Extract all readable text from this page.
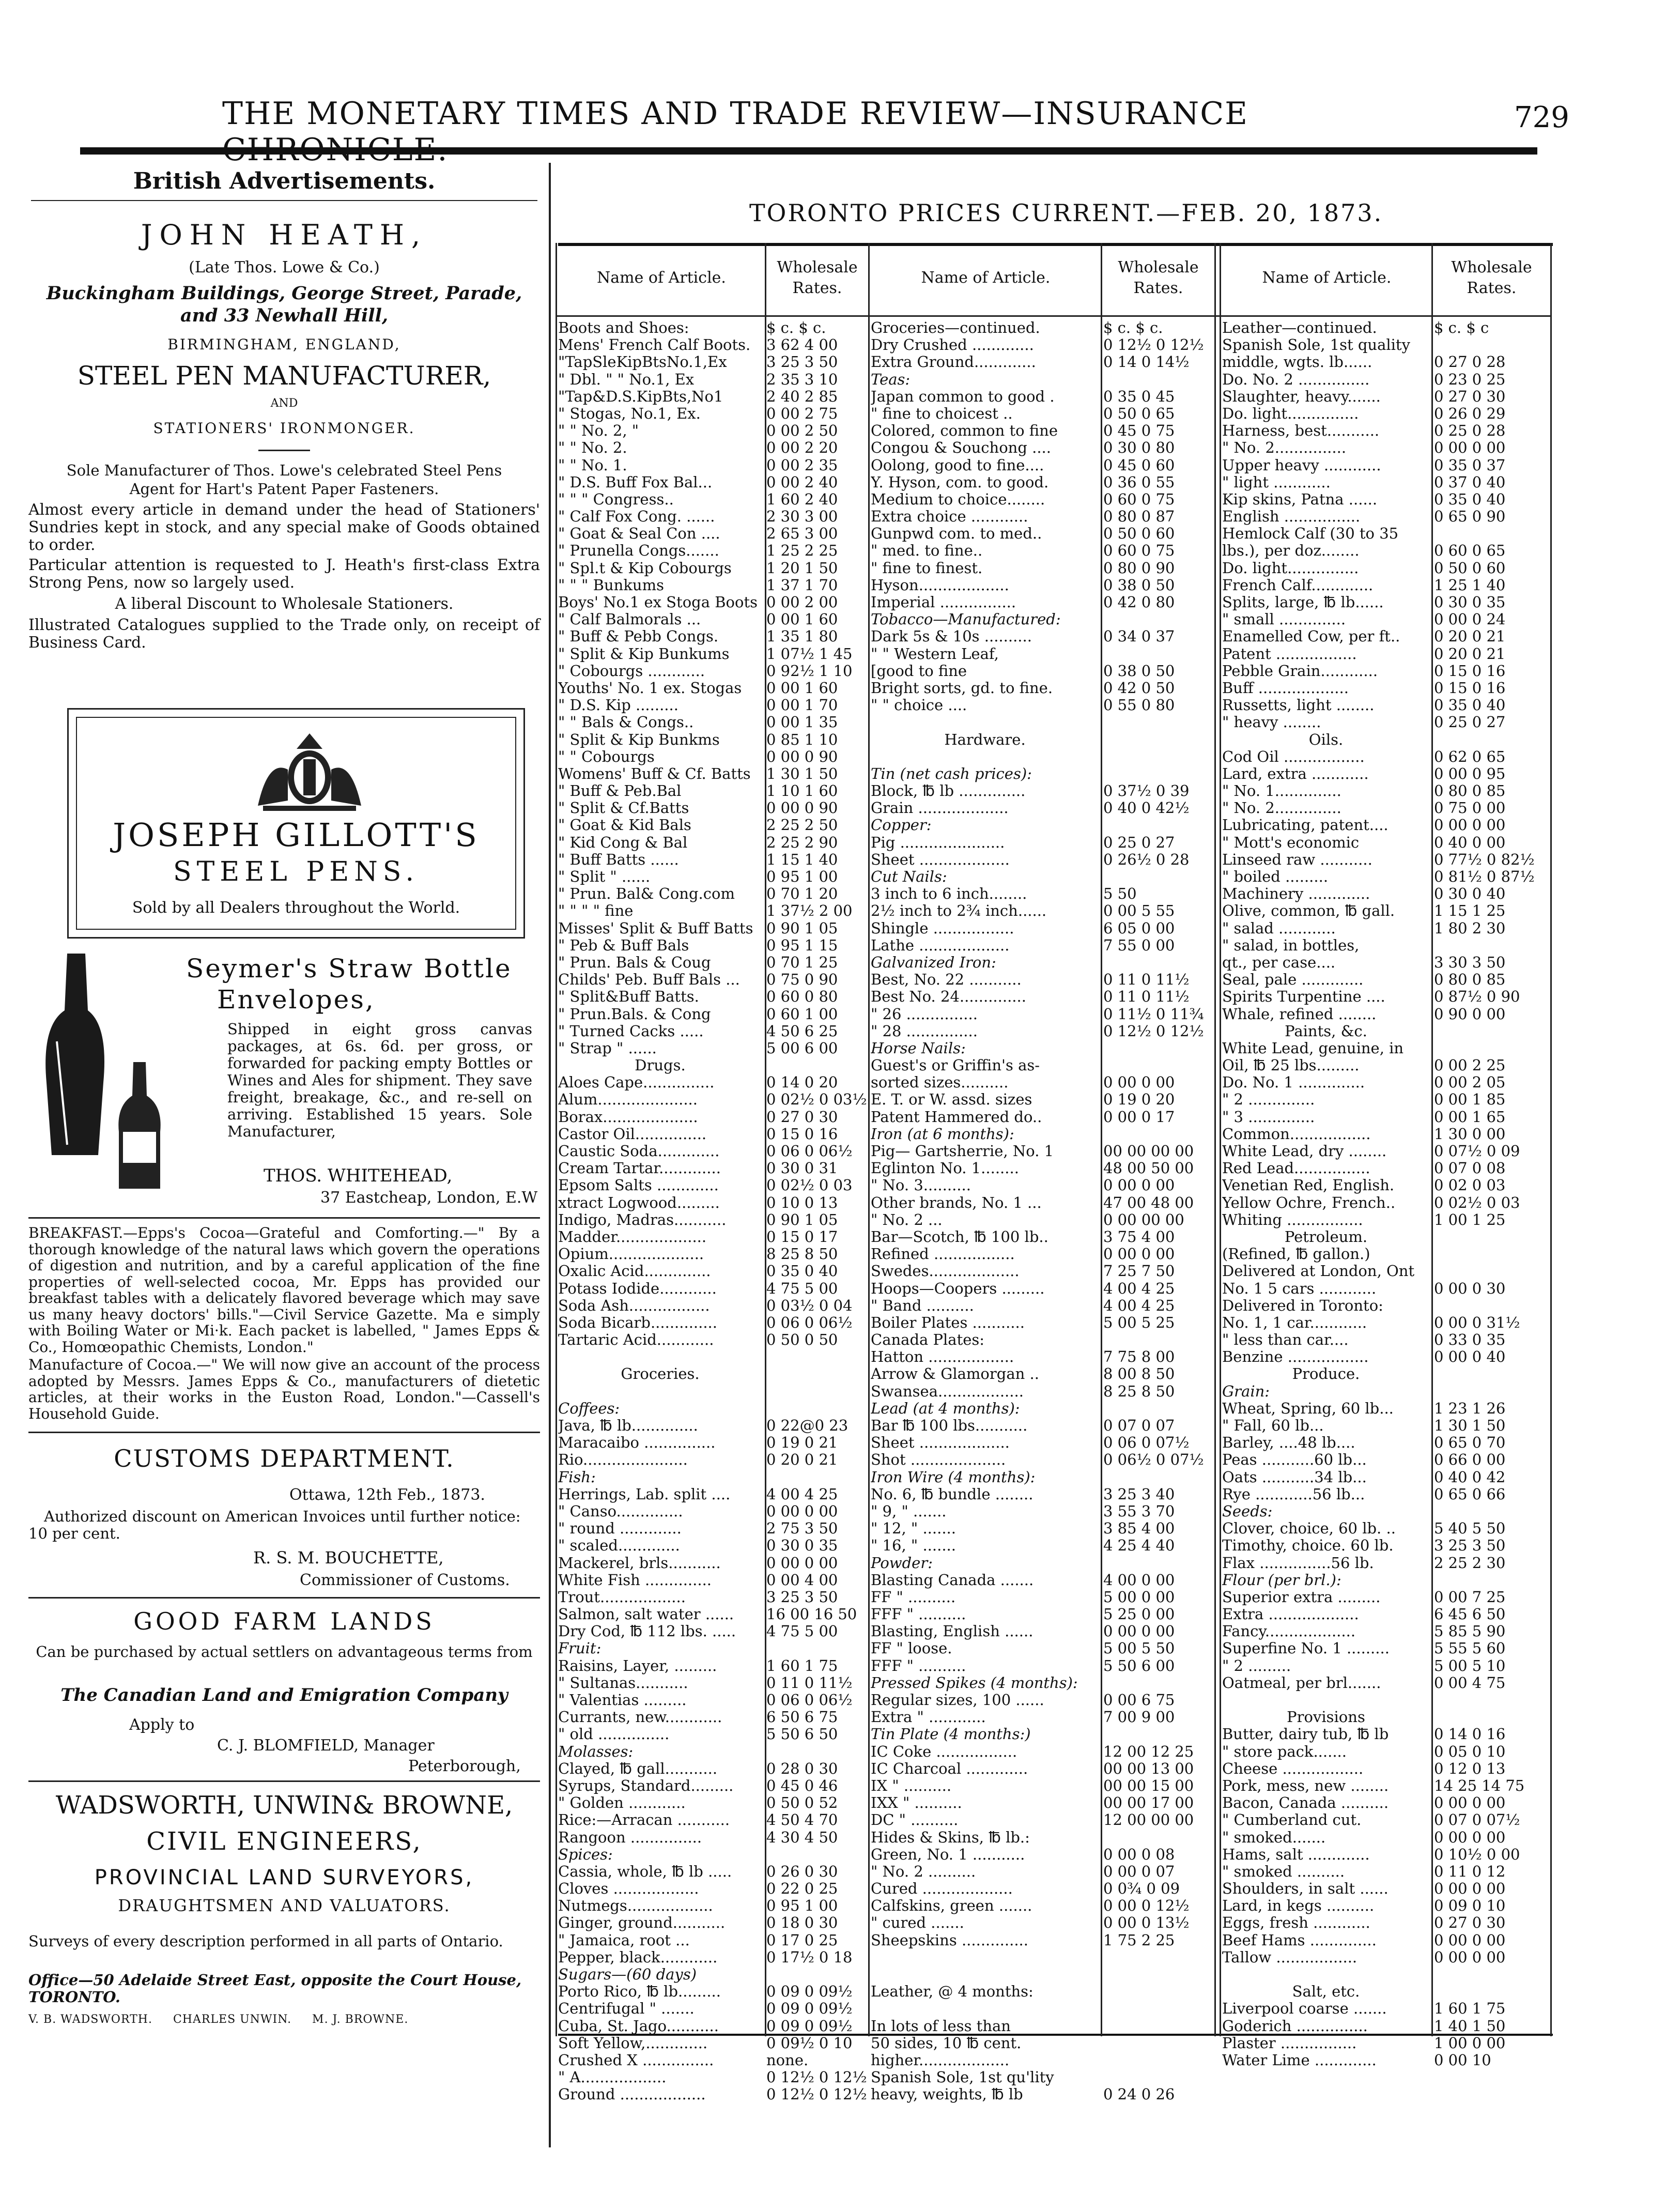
THE MONETARY TIMES AND TRADE REVIEW—INSURANCE	729
British Advertisements.
JOHN HEATH,
(Late Thos. Lowe & Co.)
Buckingham Buildings, George Street, Parade,
and 33 Newhall Hill,
BIRMINGHAM, ENGLAND,
STEEL PEN MANUFACTURER,
AND
STATIONERS' IRONMONGER.
Sole Manufacturer of Thos. Lowe's celebrated Steel Pens
Agent for Hart's Patent Paper Fasteners.
Almost every article in demand under the head of Stationers' Sundries kept in stock, and any special make of Goods obtained to order.
Particular attention is requested to J. Heath's first-class Extra Strong Pens, now so largely used.
A liberal Discount to Wholesale Stationers.
Illustrated Catalogues supplied to the Trade only, on receipt of Business Card.
JOSEPH GILLOTT'S
STEEL PENS.
Sold by all Dealers throughout the World.
Seymer's Straw Bottle
Envelopes,
Shipped in eight gross canvas packages, at 6s. 6d. per gross, or forwarded for packing empty Bottles or Wines and Ales for shipment. They save freight, breakage, &c., and re-sell on arriving. Established 15 years. Sole Manufacturer,
THOS. WHITEHEAD,
37 Eastcheap, London, E.W
BREAKFAST.—Epps's Cocoa—Grateful and Comforting.—" By a thorough knowledge of the natural laws which govern the operations of digestion and nutrition, and by a careful application of the fine properties of well-selected cocoa, Mr. Epps has provided our breakfast tables with a delicately flavored beverage which may save us many heavy doctors' bills."—Civil Service Gazette. Ma e simply with Boiling Water or Mi·k. Each packet is labelled, " James Epps & Co., Homœopathic Chemists, London."
Manufacture of Cocoa.—" We will now give an account of the process adopted by Messrs. James Epps & Co., manufacturers of dietetic articles, at their works in the Euston Road, London."—Cassell's Household Guide.
CUSTOMS DEPARTMENT.
Ottawa, 12th Feb., 1873.
Authorized discount on American Invoices until further notice: 10 per cent.
R. S. M. BOUCHETTE,
Commissioner of Customs.
GOOD FARM LANDS
Can be purchased by actual settlers on advantageous terms from
The Canadian Land and Emigration Company
Apply to
C. J. BLOMFIELD, Manager
Peterborough,
WADSWORTH, UNWIN& BROWNE,
CIVIL ENGINEERS,
PROVINCIAL LAND SURVEYORS,
DRAUGHTSMEN AND VALUATORS.
Surveys of every description performed in all parts of Ontario.
Office—50 Adelaide Street East, opposite the Court House, TORONTO.
V. B. WADSWORTH.     CHARLES UNWIN.     M. J. BROWNE.
TORONTO PRICES CURRENT.—FEB. 20, 1873.
Name of Article.
Wholesale
Rates.
Name of Article.
Wholesale
Rates.
Name of Article.
Wholesale
Rates.
Boots and Shoes:	$ c. $ c.
Mens' French Calf Boots.	3 62 4 00
"TapSleKipBtsNo.1,Ex	3 25 3 50
" Dbl. " " No.1, Ex	2 35 3 10
"Tap&D.S.KipBts,No1	2 40 2 85
" Stogas, No.1, Ex.	0 00 2 75
" " No. 2, "	0 00 2 50
" " No. 2.	0 00 2 20
" " No. 1.	0 00 2 35
" D.S. Buff Fox Bal...	0 00 2 40
" " " Congress..	1 60 2 40
" Calf Fox Cong. ......	2 30 3 00
" Goat & Seal Con ....	2 65 3 00
" Prunella Congs.......	1 25 2 25
" Spl.t & Kip Cobourgs	1 20 1 50
" " " Bunkums	1 37 1 70
Boys' No.1 ex Stoga Boots 0 00 2 00
" Calf Balmorals ...	0 00 1 60
" Buff & Pebb Congs.	1 35 1 80
" Split & Kip Bunkums	1 07½ 1 45
" Cobourgs ............	0 92½ 1 10
Youths' No. 1 ex. Stogas	0 00 1 60
" D.S. Kip .........	0 00 1 70
" " Bals & Congs..	0 00 1 35
" Split & Kip Bunkms	0 85 1 10
" " Cobourgs	0 00 0 90
Womens' Buff & Cf. Batts	1 30 1 50
" Buff & Peb.Bal	1 10 1 60
" Split & Cf.Batts	0 00 0 90
" Goat & Kid Bals	2 25 2 50
" Kid Cong & Bal	2 25 2 90
" Buff Batts ......	1 15 1 40
" Split " ......	0 95 1 00
" Prun. Bal& Cong.com	0 70 1 20
" " " " fine	1 37½ 2 00
Misses' Split & Buff Batts 0 90 1 05
" Peb & Buff Bals	0 95 1 15
" Prun. Bals & Coug	0 70 1 25
Childs' Peb. Buff Bals ...	0 75 0 90
" Split&Buff Batts.	0 60 0 80
" Prun.Bals. & Cong	0 60 1 00
" Turned Cacks .....	4 50 6 25
" Strap " ......	5 00 6 00
Drugs.
Aloes Cape...............	0 14 0 20
Alum.....................	0 02½ 0 03½
Borax....................	0 27 0 30
Castor Oil...............	0 15 0 16
Caustic Soda.............	0 06 0 06½
Cream Tartar.............	0 30 0 31
Epsom Salts .............	0 02½ 0 03
xtract Logwood.........	0 10 0 13
Indigo, Madras...........	0 90 1 05
Madder...................	0 15 0 17
Opium....................	8 25 8 50
Oxalic Acid..............	0 35 0 40
Potass Iodide............	4 75 5 00
Soda Ash.................	0 03½ 0 04
Soda Bicarb..............	0 06 0 06½
Tartaric Acid............	0 50 0 50
Groceries.
Coffees:
Java, ℔ lb..............	0 22@0 23
Maracaibo ...............	0 19 0 21
Rio......................	0 20 0 21
Fish:
Herrings, Lab. split ....	4 00 4 25
" Canso..............	0 00 0 00
" round .............	2 75 3 50
" scaled.............	0 30 0 35
Mackerel, brls...........	0 00 0 00
White Fish ..............	0 00 4 00
Trout..................	3 25 3 50
Salmon, salt water ......	16 00 16 50
Dry Cod, ℔ 112 lbs. .....	4 75 5 00
Fruit:
Raisins, Layer, .........	1 60 1 75
" Sultanas...........	0 11 0 11½
" Valentias .........	0 06 0 06½
Currants, new............	6 50 6 75
" old ...............	5 50 6 50
Molasses:
Clayed, ℔ gall...........	0 28 0 30
Syrups, Standard.........	0 45 0 46
" Golden ............	0 50 0 52
Rice:—Arracan ...........	4 50 4 70
Rangoon ...............	4 30 4 50
Spices:
Cassia, whole, ℔ lb .....	0 26 0 30
Cloves ..................	0 22 0 25
Nutmegs..................	0 95 1 00
Ginger, ground...........	0 18 0 30
" Jamaica, root ...	0 17 0 25
Pepper, black............	0 17½ 0 18
Sugars—(60 days)
Porto Rico, ℔ lb.........	0 09 0 09½
Centrifugal " .......	0 09 0 09½
Cuba, St. Jago...........	0 09 0 09½
Soft Yellow,.............	0 09½ 0 10
Crushed X ...............	none.
" A..................	0 12½ 0 12½
Ground ..................	0 12½ 0 12½
Groceries—continued.	$ c. $ c.
Dry Crushed .............	0 12½ 0 12½
Extra Ground.............	0 14 0 14½
Teas:
Japan common to good .	0 35 0 45
" fine to choicest ..	0 50 0 65
Colored, common to fine	0 45 0 75
Congou & Souchong ....	0 30 0 80
Oolong, good to fine....	0 45 0 60
Y. Hyson, com. to good.	0 36 0 55
Medium to choice........	0 60 0 75
Extra choice ............	0 80 0 87
Gunpwd com. to med..	0 50 0 60
" med. to fine..	0 60 0 75
" fine to finest.	0 80 0 90
Hyson...................	0 38 0 50
Imperial ................	0 42 0 80
Tobacco—Manufactured:
Dark 5s & 10s ..........	0 34 0 37
" " Western Leaf,
[good to fine	0 38 0 50
Bright sorts, gd. to fine.	0 42 0 50
" " choice ....	0 55 0 80
Hardware.
Tin (net cash prices):
Block, ℔ lb ..............	0 37½ 0 39
Grain ...................	0 40 0 42½
Copper:
Pig ......................	0 25 0 27
Sheet ...................	0 26½ 0 28
Cut Nails:
3 inch to 6 inch........	5 50
2½ inch to 2¾ inch......	0 00 5 55
Shingle .................	6 05 0 00
Lathe ...................	7 55 0 00
Galvanized Iron:
Best, No. 22 ...........	0 11 0 11½
Best No. 24..............	0 11 0 11½
" 26 ...............	0 11½ 0 11¾
" 28 ...............	0 12½ 0 12½
Horse Nails:
Guest's or Griffin's as-
sorted sizes..........	0 00 0 00
E. T. or W. assd. sizes	0 19 0 20
Patent Hammered do..	0 00 0 17
Iron (at 6 months):
Pig— Gartsherrie, No. 1	00 00 00 00
Eglinton No. 1........	48 00 50 00
" No. 3..........	0 00 0 00
Other brands, No. 1 ...	47 00 48 00
" No. 2 ...	0 00 00 00
Bar—Scotch, ℔ 100 lb..	3 75 4 00
Refined .................	0 00 0 00
Swedes...................	7 25 7 50
Hoops—Coopers .........	4 00 4 25
" Band ..........	4 00 4 25
Boiler Plates ...........	5 00 5 25
Canada Plates:
Hatton ..................	7 75 8 00
Arrow & Glamorgan ..	8 00 8 50
Swansea..................	8 25 8 50
Lead (at 4 months):
Bar ℔ 100 lbs...........	0 07 0 07
Sheet ...................	0 06 0 07½
Shot ....................	0 06½ 0 07½
Iron Wire (4 months):
No. 6, ℔ bundle ........	3 25 3 40
" 9, " .......	3 55 3 70
" 12, " .......	3 85 4 00
" 16, " .......	4 25 4 40
Powder:
Blasting Canada .......	4 00 0 00
FF " ..........	5 00 0 00
FFF " ..........	5 25 0 00
Blasting, English ......	0 00 0 00
FF " loose.	5 00 5 50
FFF " ..........	5 50 6 00
Pressed Spikes (4 months):
Regular sizes, 100 ......	0 00 6 75
Extra " ............	7 00 9 00
Tin Plate (4 months:)
IC Coke .................	12 00 12 25
IC Charcoal .............	00 00 13 00
IX " ..........	00 00 15 00
IXX " ..........	00 00 17 00
DC " ..........	12 00 00 00
Hides & Skins, ℔ lb.:
Green, No. 1 ...........	0 00 0 08
" No. 2 ..........	0 00 0 07
Cured ...................	0 0¾ 0 09
Calfskins, green .......	0 00 0 12½
" cured .......	0 00 0 13½
Sheepskins ..............	1 75 2 25
Leather, @ 4 months:
In lots of less than
50 sides, 10 ℔ cent.
higher...................
Spanish Sole, 1st qu'lity
heavy, weights, ℔ lb	0 24 0 26
Leather—continued.	$ c. $ c
Spanish Sole, 1st quality
middle, wgts. lb......	0 27 0 28
Do. No. 2 ...............	0 23 0 25
Slaughter, heavy.......	0 27 0 30
Do. light...............	0 26 0 29
Harness, best...........	0 25 0 28
" No. 2...............	0 00 0 00
Upper heavy ............	0 35 0 37
" light ............	0 37 0 40
Kip skins, Patna ......	0 35 0 40
English ................	0 65 0 90
Hemlock Calf (30 to 35
lbs.), per doz........	0 60 0 65
Do. light...............	0 50 0 60
French Calf.............	1 25 1 40
Splits, large, ℔ lb......	0 30 0 35
" small ..............	0 00 0 24
Enamelled Cow, per ft..	0 20 0 21
Patent .................	0 20 0 21
Pebble Grain............	0 15 0 16
Buff ...................	0 15 0 16
Russetts, light ........	0 35 0 40
" heavy ........	0 25 0 27
Oils.
Cod Oil .................	0 62 0 65
Lard, extra ............	0 00 0 95
" No. 1..............	0 80 0 85
" No. 2..............	0 75 0 00
Lubricating, patent....	0 00 0 00
" Mott's economic	0 40 0 00
Linseed raw ...........	0 77½ 0 82½
" boiled .........	0 81½ 0 87½
Machinery .............	0 30 0 40
Olive, common, ℔ gall.	1 15 1 25
" salad ............	1 80 2 30
" salad, in bottles,
qt., per case....	3 30 3 50
Seal, pale .............	0 80 0 85
Spirits Turpentine ....	0 87½ 0 90
Whale, refined ........	0 90 0 00
Paints, &c.
White Lead, genuine, in
Oil, ℔ 25 lbs.........	0 00 2 25
Do. No. 1 ..............	0 00 2 05
" 2 ..............	0 00 1 85
" 3 ..............	0 00 1 65
Common.................	1 30 0 00
White Lead, dry ........	0 07½ 0 09
Red Lead................	0 07 0 08
Venetian Red, English.	0 02 0 03
Yellow Ochre, French..	0 02½ 0 03
Whiting ................	1 00 1 25
Petroleum.
(Refined, ℔ gallon.)
Delivered at London, Ont
No. 1 5 cars ............	0 00 0 30
Delivered in Toronto:
No. 1, 1 car............	0 00 0 31½
" less than car....	0 33 0 35
Benzine .................	0 00 0 40
Produce.
Grain:
Wheat, Spring, 60 lb...	1 23 1 26
" Fall, 60 lb...	1 30 1 50
Barley, ....48 lb....	0 65 0 70
Peas ...........60 lb...	0 66 0 00
Oats ...........34 lb...	0 40 0 42
Rye ............56 lb...	0 65 0 66
Seeds:
Clover, choice, 60 lb. ..	5 40 5 50
Timothy, choice. 60 lb.	3 25 3 50
Flax ...............56 lb.	2 25 2 30
Flour (per brl.):
Superior extra .........	0 00 7 25
Extra ...................	6 45 6 50
Fancy...................	5 85 5 90
Superfine No. 1 .........	5 55 5 60
" 2 .........	5 00 5 10
Oatmeal, per brl.......	0 00 4 75
Provisions
Butter, dairy tub, ℔ lb	0 14 0 16
" store pack.......	0 05 0 10
Cheese .................	0 12 0 13
Pork, mess, new ........	14 25 14 75
Bacon, Canada ..........	0 00 0 00
" Cumberland cut.	0 07 0 07½
" smoked.......	0 00 0 00
Hams, salt .............	0 10½ 0 00
" smoked ..........	0 11 0 12
Shoulders, in salt ......	0 00 0 00
Lard, in kegs ..........	0 09 0 10
Eggs, fresh ............	0 27 0 30
Beef Hams ..............	0 00 0 00
Tallow .................	0 00 0 00
Salt, etc.
Liverpool coarse .......	1 60 1 75
Goderich ...............	1 40 1 50
Plaster ................	1 00 0 00
Water Lime .............	0 00 10
